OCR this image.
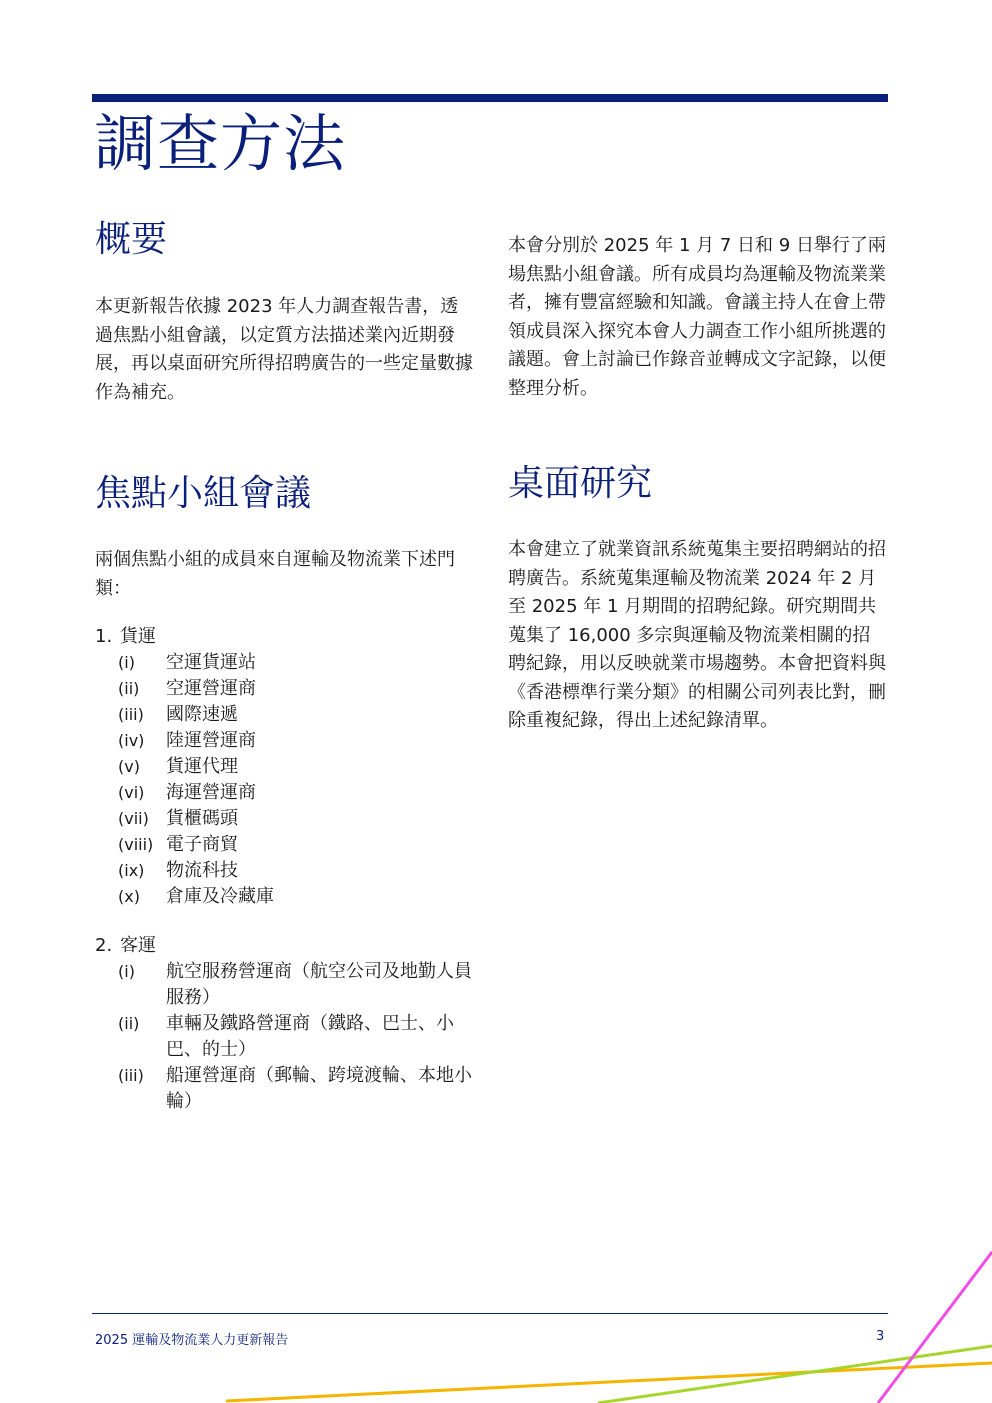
調查方法
概要

本更新報告依據 2023 年人力調查報告書，透過焦點小組會議，以定質方法描述業內近期發展，再以桌面研究所得招聘廣告的一些定量數據作為補充。

焦點小組會議

兩個焦點小組的成員來自運輸及物流業下述門類：

1. 貨運
(i)	空運貨運站
(ii)	空運營運商
(iii)	國際速遞
(iv)	陸運營運商
(v)	貨運代理
(vi)	海運營運商
(vii) 貨櫃碼頭
(viii) 電子商貿
(ix)	物流科技
(x)	倉庫及冷藏庫
2. 客運
(i)	航空服務營運商（航空公司及地勤人員服務）
(ii)	車輛及鐵路營運商（鐵路、巴士、小巴、的士）
(iii)	船運營運商（郵輪、跨境渡輪、本地小輪）

本會分別於 2025 年 1 月 7 日和 9 日舉行了兩場焦點小組會議。所有成員均為運輸及物流業業者，擁有豐富經驗和知識。會議主持人在會上帶領成員深入探究本會人力調查工作小組所挑選的議題。會上討論已作錄音並轉成文字記錄，以便整理分析。

桌面研究

本會建立了就業資訊系統蒐集主要招聘網站的招聘廣告。系統蒐集運輸及物流業 2024 年 2 月至 2025 年 1 月期間的招聘紀錄。研究期間共蒐集了 16,000 多宗與運輸及物流業相關的招聘紀錄，用以反映就業市場趨勢。本會把資料與《香港標準行業分類》的相關公司列表比對，刪除重複紀錄，得出上述紀錄清單。

2025 運輸及物流業人力更新報告	3
